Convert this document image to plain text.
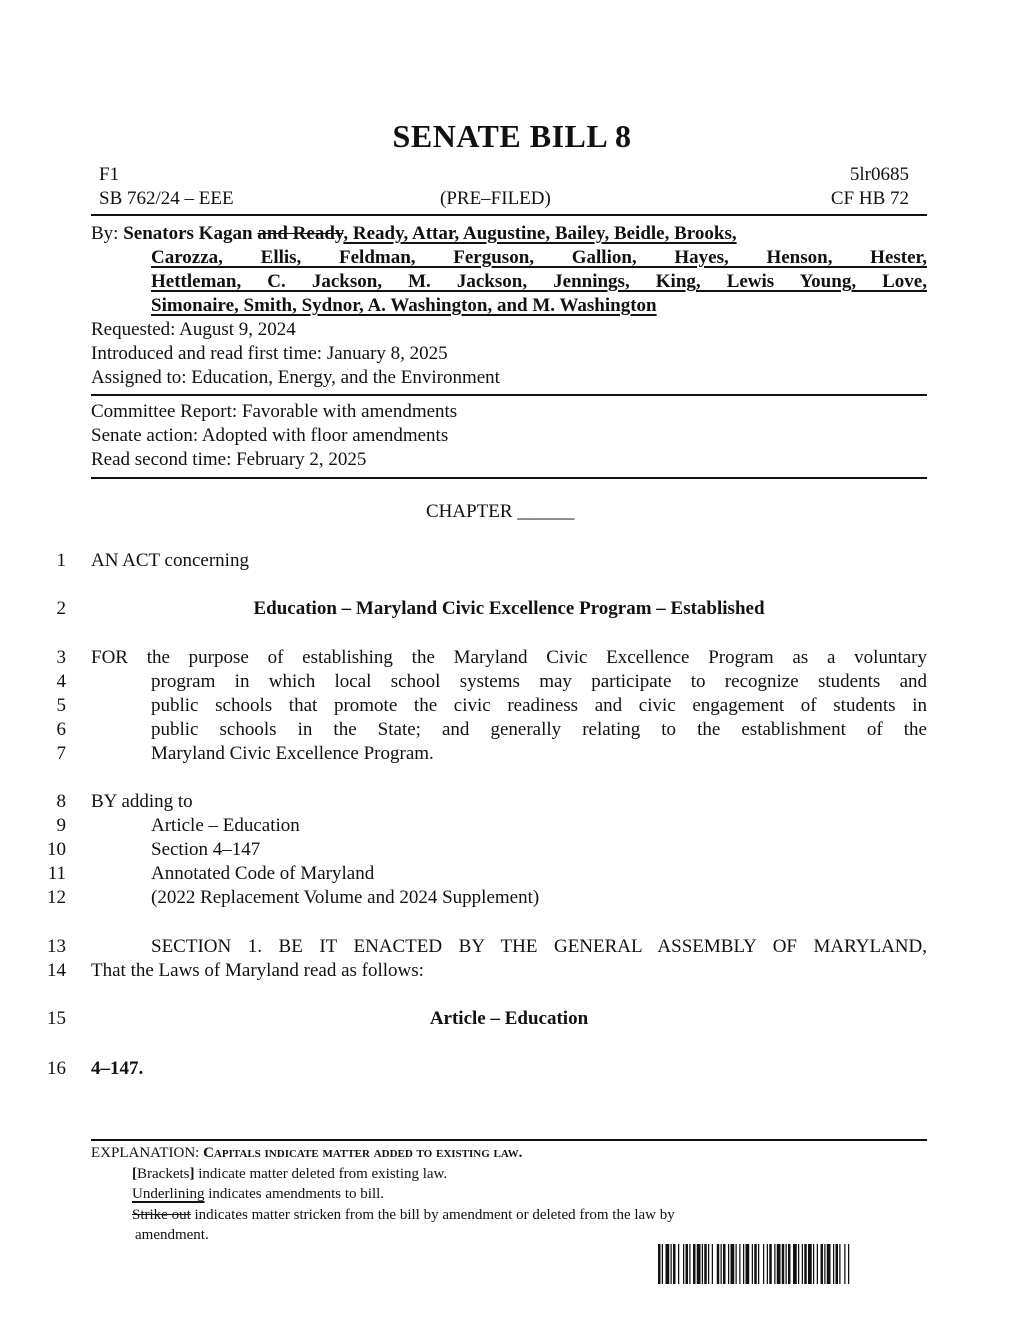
SENATE BILL 8
F1	5lr0685
SB 762/24 – EEE	(PRE–FILED)	CF HB 72
By: Senators Kagan and Ready, Ready, Attar, Augustine, Bailey, Beidle, Brooks,
Carozza, Ellis, Feldman, Ferguson, Gallion, Hayes, Henson, Hester,
Hettleman, C. Jackson, M. Jackson, Jennings, King, Lewis Young, Love,
Simonaire, Smith, Sydnor, A. Washington, and M. Washington
Requested: August 9, 2024
Introduced and read first time: January 8, 2025
Assigned to: Education, Energy, and the Environment
Committee Report: Favorable with amendments
Senate action: Adopted with floor amendments
Read second time: February 2, 2025
CHAPTER ______
1
2
3
4
5
6
7
8
9
10
11
12
13
14
15
16
AN ACT concerning
Education – Maryland Civic Excellence Program – Established
FOR the purpose of establishing the Maryland Civic Excellence Program as a voluntary
program in which local school systems may participate to recognize students and
public schools that promote the civic readiness and civic engagement of students in
public schools in the State; and generally relating to the establishment of the
Maryland Civic Excellence Program.
BY adding to
Article – Education
Section 4–147
Annotated Code of Maryland
(2022 Replacement Volume and 2024 Supplement)
SECTION 1. BE IT ENACTED BY THE GENERAL ASSEMBLY OF MARYLAND,
That the Laws of Maryland read as follows:
Article – Education
4–147.
EXPLANATION: Capitals indicate matter added to existing law.
[Brackets] indicate matter deleted from existing law.
Underlining indicates amendments to bill.
Strike out indicates matter stricken from the bill by amendment or deleted from the law by
amendment.
